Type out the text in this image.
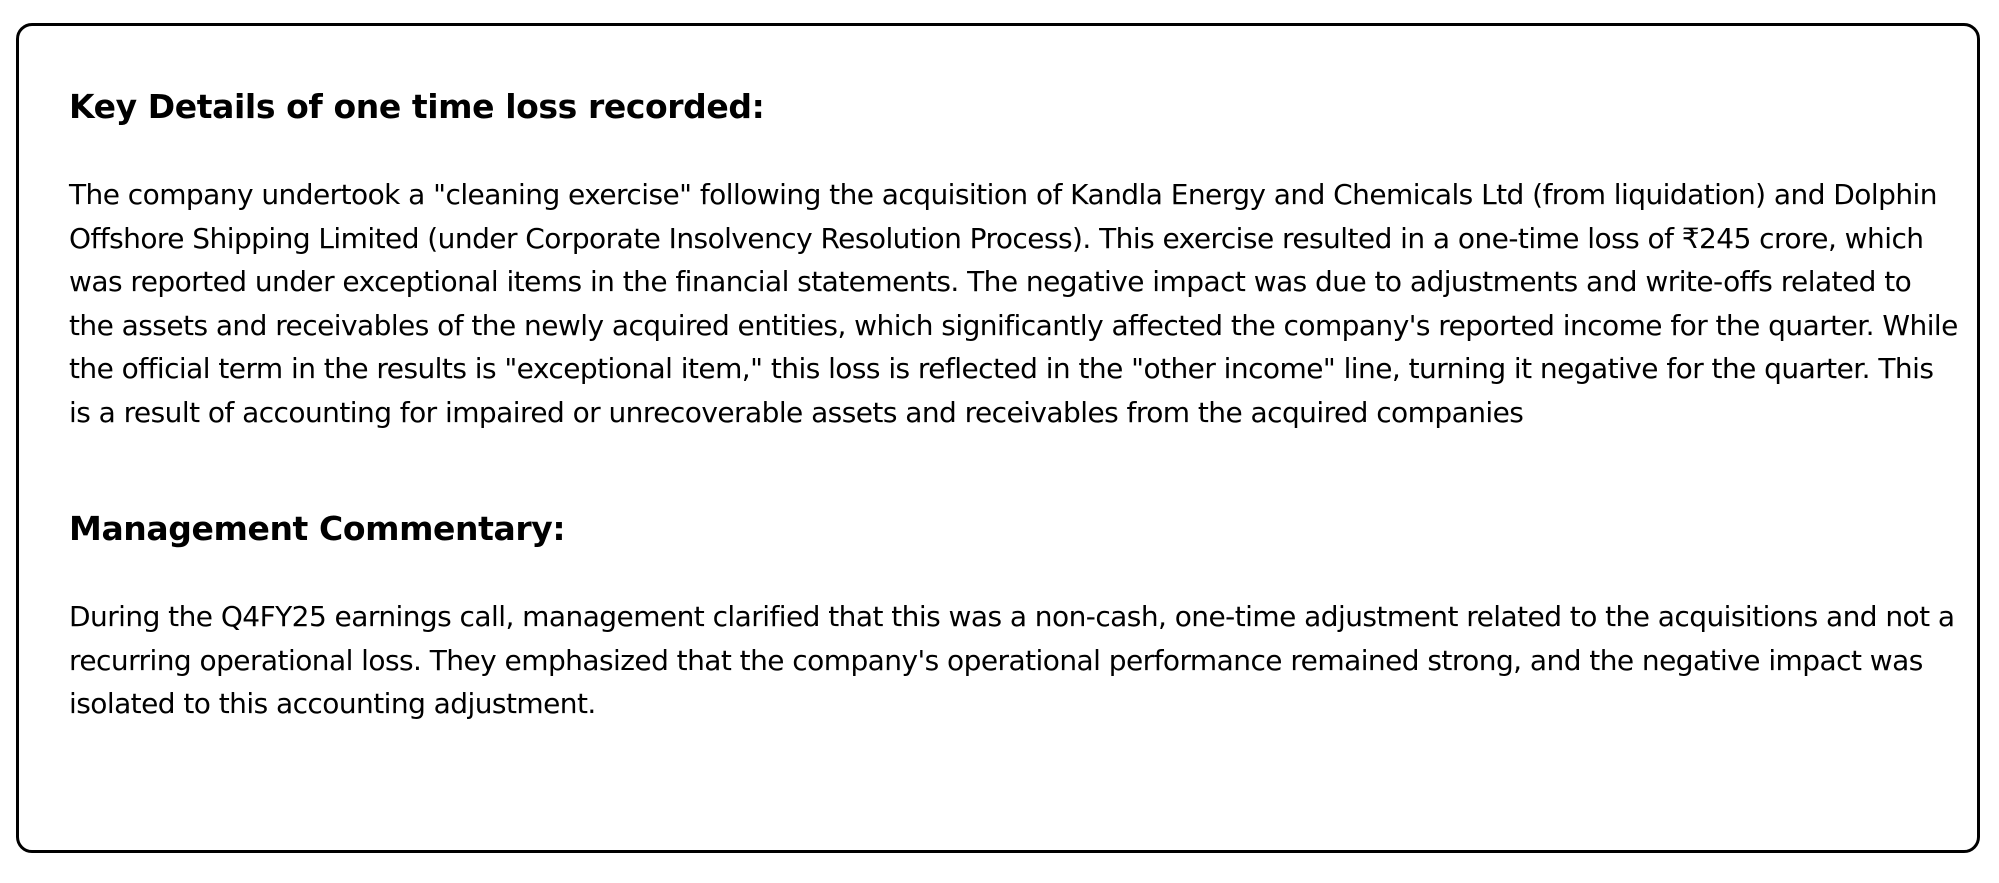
Key Details of one time loss recorded:

The company undertook a "cleaning exercise" following the acquisition of Kandla Energy and Chemicals Ltd (from liquidation) and Dolphin Offshore Shipping Limited (under Corporate Insolvency Resolution Process). This exercise resulted in a one-time loss of ₹245 crore, which was reported under exceptional items in the financial statements. The negative impact was due to adjustments and write-offs related to the assets and receivables of the newly acquired entities, which significantly affected the company's reported income for the quarter. While the official term in the results is "exceptional item," this loss is reflected in the "other income" line, turning it negative for the quarter. This is a result of accounting for impaired or unrecoverable assets and receivables from the acquired companies

Management Commentary:

During the Q4FY25 earnings call, management clarified that this was a non-cash, one-time adjustment related to the acquisitions and not a recurring operational loss. They emphasized that the company's operational performance remained strong, and the negative impact was isolated to this accounting adjustment.
